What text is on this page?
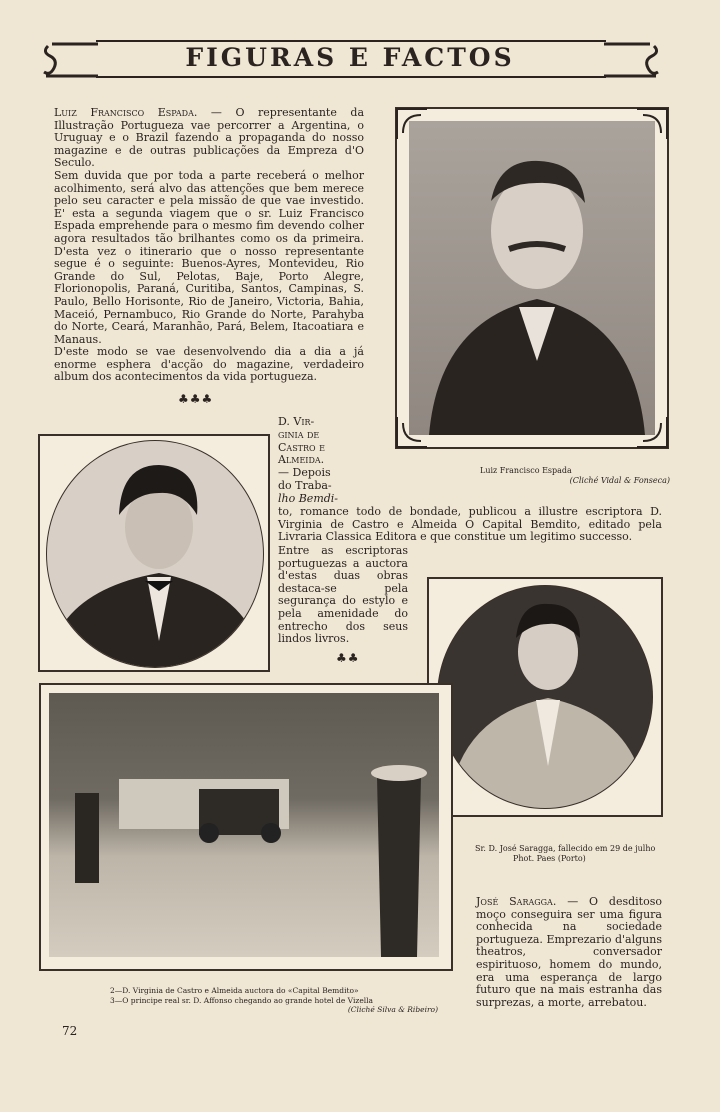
FIGURAS E FACTOS

Luiz Francisco Espada. — O representante da Illustração Portugueza vae percorrer a Argentina, o Uruguay e o Brazil fazendo a propaganda do nosso magazine e de outras publicações da Empreza d'O Seculo.

Sem duvida que por toda a parte receberá o melhor acolhimento, será alvo das attenções que bem merece pelo seu caracter e pela missão de que vae investido. E' esta a segunda viagem que o sr. Luiz Francisco Espada emprehende para o mesmo fim devendo colher agora resultados tão brilhantes como os da primeira. D'esta vez o itinerario que o nosso representante segue é o seguinte: Buenos-Ayres, Montevideu, Rio Grande do Sul, Pelotas, Baje, Porto Alegre, Florionopolis, Paraná, Curitiba, Santos, Campinas, S. Paulo, Bello Horisonte, Rio de Janeiro, Victoria, Bahia, Maceió, Pernambuco, Rio Grande do Norte, Parahyba do Norte, Ceará, Maranhão, Pará, Belem, Itacoatiara e Manaus.

D'este modo se vae desenvolvendo dia a dia a já enorme esphera d'acção do magazine, verdadeiro album dos acontecimentos da vida portugueza.

♣♣♣
Luiz Francisco Espada
(Cliché Vidal & Fonseca)
D. Vir-
ginia de
Castro e
Almeida.
— Depois
do Traba-
lho Bemdi-

to, romance todo de bondade, publicou a illustre escriptora D. Virginia de Castro e Almeida O Capital Bemdito, editado pela Livraria Classica Editora e que constitue um legitimo successo.

Entre as escriptoras portuguezas a auctora d'estas duas obras destaca-se pela segurança do estylo e pela amenidade do entrecho dos seus lindos livros.

♣♣
Sr. D. José Saragga, fallecido em 29 de julho
Phot. Paes (Porto)
2—D. Virginia de Castro e Almeida auctora do «Capital Bemdito»
3—O principe real sr. D. Affonso chegando ao grande hotel de Vizella
(Cliché Silva & Ribeiro)

José Saragga. — O desditoso moço conseguira ser uma figura conhecida na sociedade portugueza. Emprezario d'alguns theatros, conversador espirituoso, homem do mundo, era uma esperança de largo futuro que na mais estranha das surprezas, a morte, arrebatou.

72
